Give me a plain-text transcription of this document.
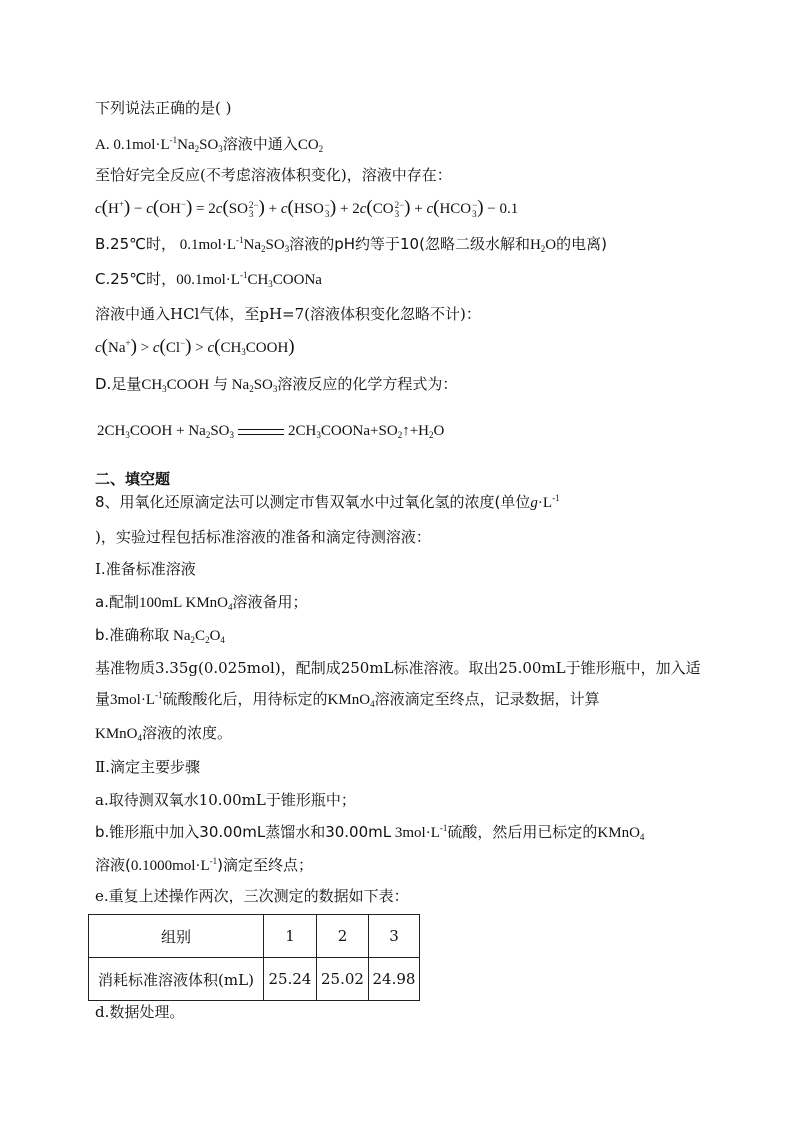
下列说法正确的是( )
A. $0.1mol\cdot L^{-1}Na_2SO_3$溶液中通入$CO_2$
至恰好完全反应(不考虑溶液体积变化)，溶液中存在：
c(H+) − c(OH−) = 2c(SO 2−
3 ) + c(HSO −
3 ) + 2c(CO 2−
3 ) + c(HCO −
3 ) − 0.1
B.25℃时， $0.1mol\cdot L^{-1}Na_2SO_3$溶液的pH约等于10(忽略二级水解和$H_2O$的电离)
C.25℃时，$00.1mol\cdot L^{-1}CH_3COONa$
溶液中通入HCl气体，至pH=7(溶液体积变化忽略不计)：
$c(Na^+) > c(Cl^-) > c(CH_3COOH)$
D.足量$CH_3COOH$ 与 $Na_2SO_3$溶液反应的化学方程式为：
$2CH_3COOH + Na_2SO_3$	$2CH_3COONa+SO_2↑+H_2O$
二、填空题
8、用氧化还原滴定法可以测定市售双氧水中过氧化氢的浓度(单位$g\cdot L^{-1}$
)，实验过程包括标准溶液的准备和滴定待测溶液：
Ⅰ.准备标准溶液
a.配制100mL KMnO$_4$溶液备用；
b.准确称取 $Na_2C_2O_4$
基准物质3.35g(0.025mol)，配制成250mL标准溶液。取出25.00mL于锥形瓶中，加入适
量$3mol\cdot L^{-1}$硫酸酸化后，用待标定的KMnO$_4$溶液滴定至终点，记录数据，计算
KMnO$_4$溶液的浓度。
Ⅱ.滴定主要步骤
a.取待测双氧水10.00mL于锥形瓶中；
b.锥形瓶中加入30.00mL蒸馏水和30.00mL $3mol\cdot L^{-1}$硫酸，然后用已标定的KMnO$_4$
溶液$(0.1000mol\cdot L^{-1})$滴定至终点；
e.重复上述操作两次，三次测定的数据如下表：
组别	1	2	3
消耗标准溶液体积(mL)	25.24	25.02	24.98
d.数据处理。
